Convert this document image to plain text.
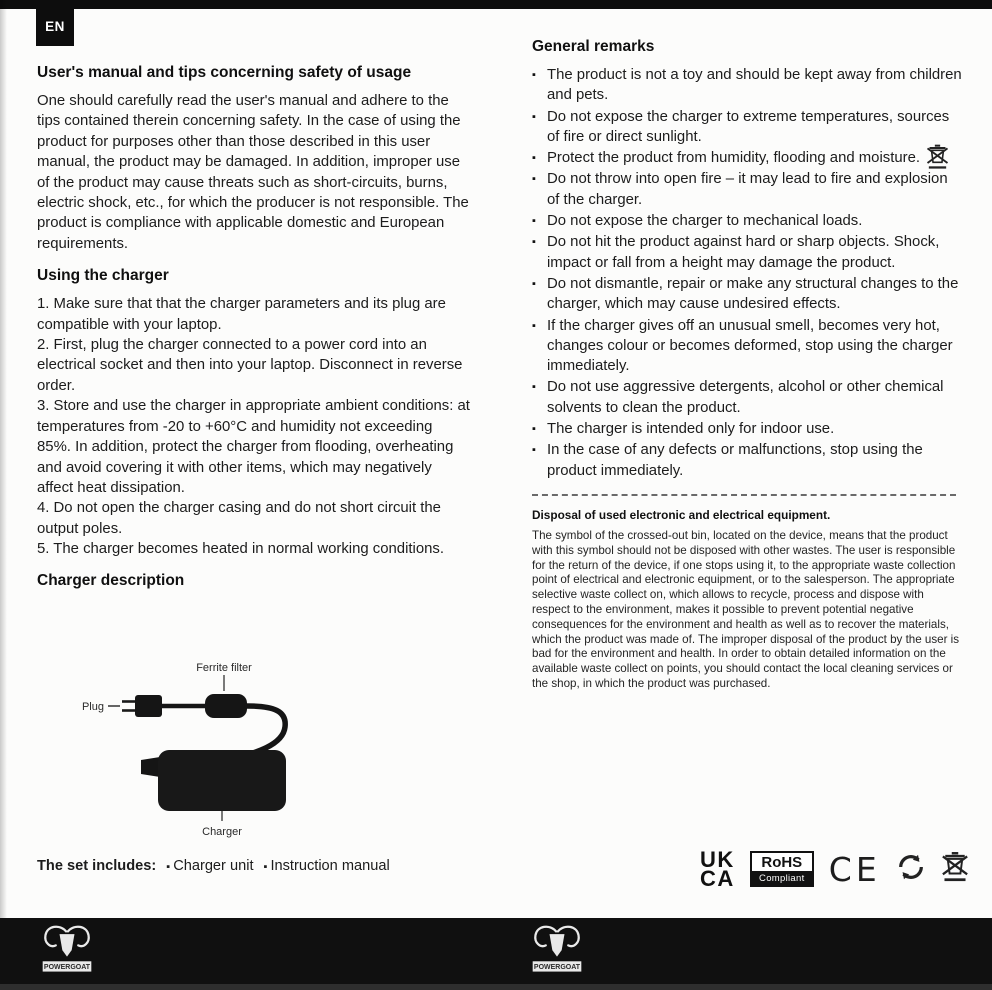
EN
User's manual and tips concerning safety of usage
One should carefully read the user's manual and adhere to the tips contained therein concerning safety. In the case of using the product for purposes other than those described in this user manual, the product may be damaged. In addition, improper use of the product may cause threats such as short-circuits, burns, electric shock, etc., for which the producer is not responsible. The product is compliance with applicable domestic and European requirements.
Using the charger

1. Make sure that that the charger parameters and its plug are compatible with your laptop.

2. First, plug the charger connected to a power cord into an electrical socket and then into your laptop. Disconnect in reverse order.

3. Store and use the charger in appropriate ambient conditions: at temperatures from -20 to +60°C and humidity not exceeding 85%. In addition, protect the charger from flooding, overheating and avoid covering it with other items, which may negatively affect heat dissipation.

4. Do not open the charger casing and do not short circuit the output poles.

5. The charger becomes heated in normal working conditions.

Charger description
Plug
Ferrite filter
Charger
The set includes:	▪ Charger unit	▪ Instruction manual
General remarks
▪ The product is not a toy and should be kept away from children and pets.
▪ Do not expose the charger to extreme temperatures, sources of fire or direct sunlight.
▪ Protect the product from humidity, flooding and moisture.
▪ Do not throw into open fire – it may lead to fire and explosion of the charger.
▪ Do not expose the charger to mechanical loads.
▪ Do not hit the product against hard or sharp objects. Shock, impact or fall from a height may damage the product.
▪ Do not dismantle, repair or make any structural changes to the charger, which may cause undesired effects.
▪ If the charger gives off an unusual smell, becomes very hot, changes colour or becomes deformed, stop using the charger immediately.
▪ Do not use aggressive detergents, alcohol or other chemical solvents to clean the product.
▪ The charger is intended only for indoor use.
▪ In the case of any defects or malfunctions, stop using the product immediately.
Disposal of used electronic and electrical equipment.
The symbol of the crossed-out bin, located on the device, means that the product with this symbol should not be disposed with other wastes. The user is responsible for the return of the device, if one stops using it, to the appropriate waste collection point of electrical and electronic equipment, or to the salesperson. The appropriate selective waste collect on, which allows to recycle, process and dispose with respect to the environment, makes it possible to prevent potential negative consequences for the environment and health as well as to recover the materials, which the product was made of. The improper disposal of the product by the user is bad for the environment and health. In order to obtain detailed information on the available waste collect on points, you should contact the local cleaning services or the shop, in which the product was purchased.
UK
CA
RoHS
Compliant CE
POWERGOAT	POWERGOAT
